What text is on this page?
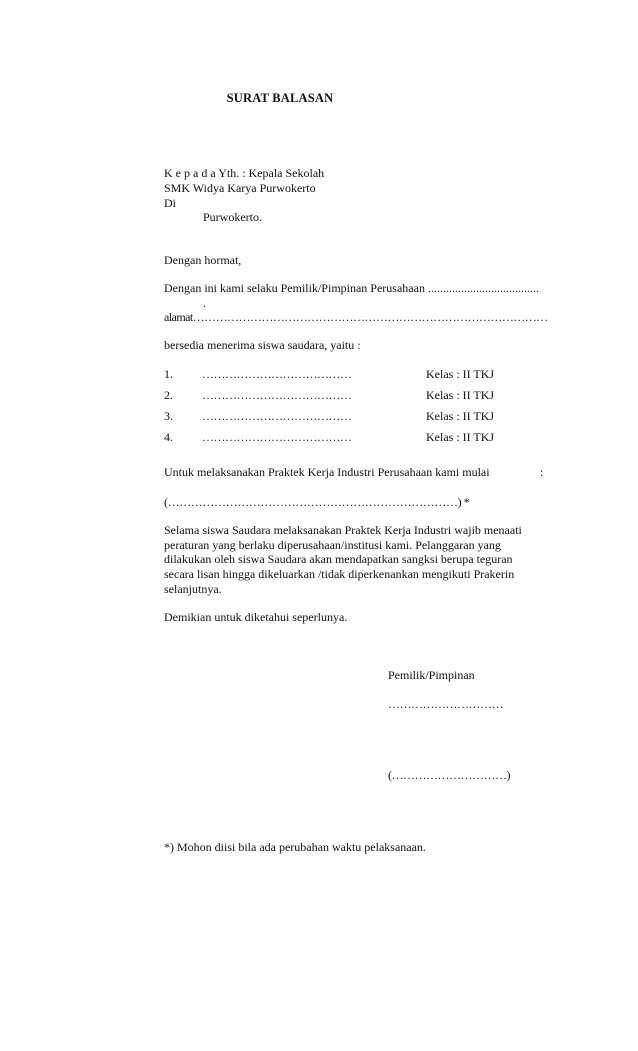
SURAT BALASAN
K e p a d a Yth. : Kepala Sekolah
SMK Widya Karya Purwokerto
Di
Purwokerto.
Dengan hormat,
Dengan ini kami selaku Pemilik/Pimpinan Perusahaan .....................................
.
alamat…………………………………………………………………………………
bersedia menerima siswa saudara, yaitu :
1. …………………………………	Kelas : II TKJ
2. …………………………………	Kelas : II TKJ
3. …………………………………	Kelas : II TKJ
4. …………………………………	Kelas : II TKJ
Untuk melaksanakan Praktek Kerja Industri Perusahaan kami mulai	:
(…………………………………………………………………) *
Selama siswa Saudara melaksanakan Praktek Kerja Industri wajib menaati
peraturan yang berlaku diperusahaan/institusi kami. Pelanggaran yang
dilakukan oleh siswa Saudara akan mendapatkan sangksi berupa teguran
secara lisan hingga dikeluarkan /tidak diperkenankan mengikuti Prakerin
selanjutnya.
Demikian untuk diketahui seperlunya.
Pemilik/Pimpinan
…………………………
(…………………………)
*) Mohon diisi bila ada perubahan waktu pelaksanaan.
